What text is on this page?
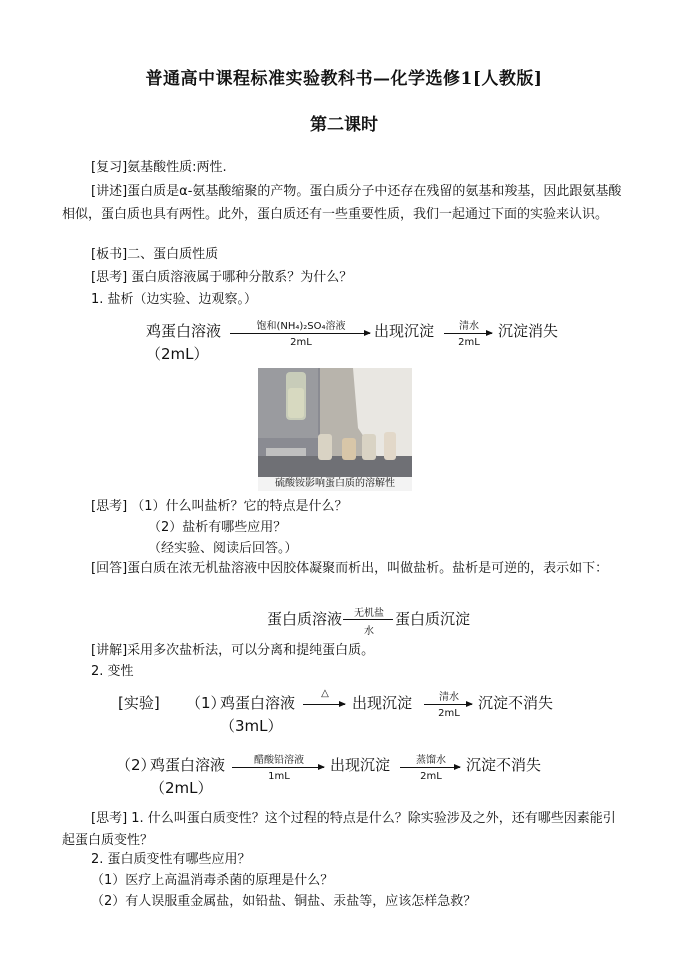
普通高中课程标准实验教科书—化学选修1[人教版]
第二课时
[复习]氨基酸性质:两性.
[讲述]蛋白质是α-氨基酸缩聚的产物。蛋白质分子中还存在残留的氨基和羧基，因此跟氨基酸相似，蛋白质也具有两性。此外，蛋白质还有一些重要性质，我们一起通过下面的实验来认识。
[板书]二、蛋白质性质
[思考] 蛋白质溶液属于哪种分散系？为什么？
1. 盐析（边实验、边观察。）
鸡蛋白溶液
（2mL）
饱和(NH₄)₂SO₄溶液
2mL
出现沉淀	清水
2mL
沉淀消失
硫酸铵影响蛋白质的溶解性
[思考] （1）什么叫盐析？它的特点是什么？
（2）盐析有哪些应用？
（经实验、阅读后回答。）
[回答]蛋白质在浓无机盐溶液中因胶体凝聚而析出，叫做盐析。盐析是可逆的，表示如下：
蛋白质溶液	无机盐
水
蛋白质沉淀
[讲解]采用多次盐析法，可以分离和提纯蛋白质。
2. 变性
[实验] （1）
鸡蛋白溶液
（3mL）
△
→ 出现沉淀	清水
2mL
沉淀不消失
（2）
鸡蛋白溶液
（2mL）
醋酸铅溶液
1mL
出现沉淀	蒸馏水
2mL
沉淀不消失
[思考] 1. 什么叫蛋白质变性？这个过程的特点是什么？除实验涉及之外，还有哪些因素能引起蛋白质变性？
2. 蛋白质变性有哪些应用？
（1）医疗上高温消毒杀菌的原理是什么？
（2）有人误服重金属盐，如铅盐、铜盐、汞盐等，应该怎样急救？
